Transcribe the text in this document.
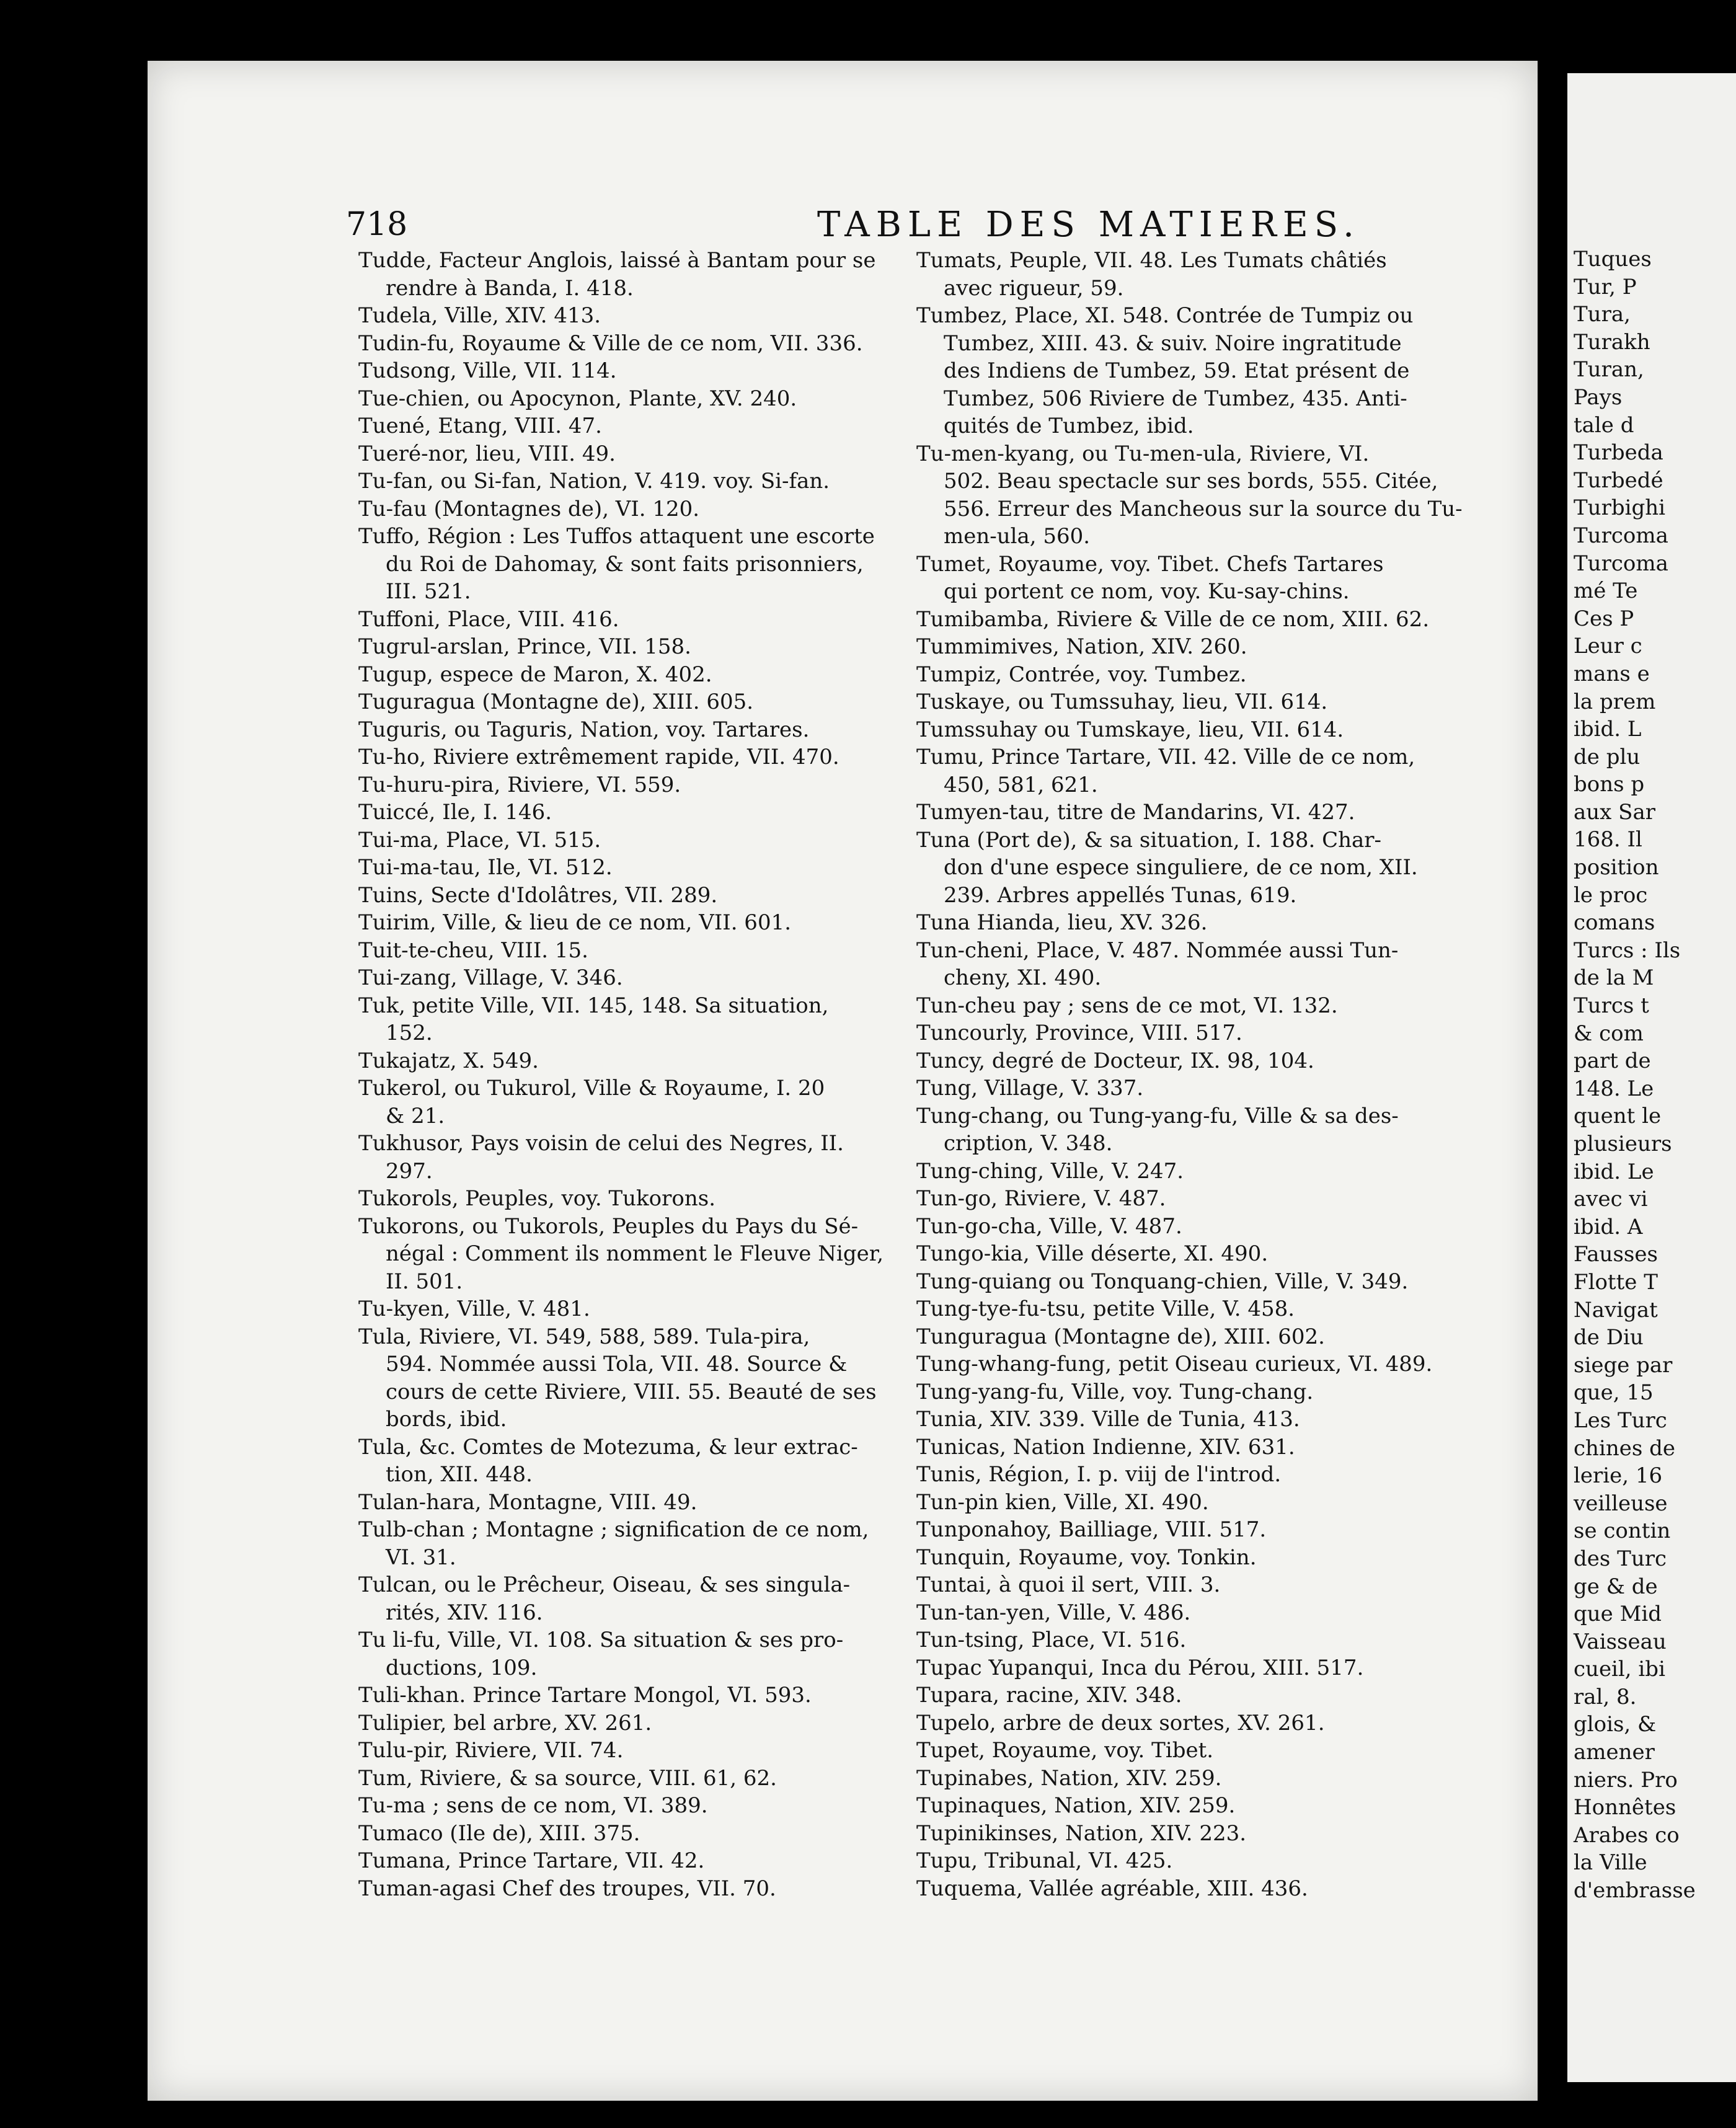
718	TABLE DES MATIERES.
Tudde, Facteur Anglois, laissé à Bantam pour se
rendre à Banda, I. 418.
Tudela, Ville, XIV. 413.
Tudin-fu, Royaume & Ville de ce nom, VII. 336.
Tudsong, Ville, VII. 114.
Tue-chien, ou Apocynon, Plante, XV. 240.
Tuené, Etang, VIII. 47.
Tueré-nor, lieu, VIII. 49.
Tu-fan, ou Si-fan, Nation, V. 419. voy. Si-fan.
Tu-fau (Montagnes de), VI. 120.
Tuffo, Région : Les Tuffos attaquent une escorte
du Roi de Dahomay, & sont faits prisonniers,
III. 521.
Tuffoni, Place, VIII. 416.
Tugrul-arslan, Prince, VII. 158.
Tugup, espece de Maron, X. 402.
Tuguragua (Montagne de), XIII. 605.
Tuguris, ou Taguris, Nation, voy. Tartares.
Tu-ho, Riviere extrêmement rapide, VII. 470.
Tu-huru-pira, Riviere, VI. 559.
Tuiccé, Ile, I. 146.
Tui-ma, Place, VI. 515.
Tui-ma-tau, Ile, VI. 512.
Tuins, Secte d'Idolâtres, VII. 289.
Tuirim, Ville, & lieu de ce nom, VII. 601.
Tuit-te-cheu, VIII. 15.
Tui-zang, Village, V. 346.
Tuk, petite Ville, VII. 145, 148. Sa situation,
152.
Tukajatz, X. 549.
Tukerol, ou Tukurol, Ville & Royaume, I. 20
& 21.
Tukhusor, Pays voisin de celui des Negres, II.
297.
Tukorols, Peuples, voy. Tukorons.
Tukorons, ou Tukorols, Peuples du Pays du Sé-
négal : Comment ils nomment le Fleuve Niger,
II. 501.
Tu-kyen, Ville, V. 481.
Tula, Riviere, VI. 549, 588, 589. Tula-pira,
594. Nommée aussi Tola, VII. 48. Source &
cours de cette Riviere, VIII. 55. Beauté de ses
bords, ibid.
Tula, &c. Comtes de Motezuma, & leur extrac-
tion, XII. 448.
Tulan-hara, Montagne, VIII. 49.
Tulb-chan ; Montagne ; signification de ce nom,
VI. 31.
Tulcan, ou le Prêcheur, Oiseau, & ses singula-
rités, XIV. 116.
Tu li-fu, Ville, VI. 108. Sa situation & ses pro-
ductions, 109.
Tuli-khan. Prince Tartare Mongol, VI. 593.
Tulipier, bel arbre, XV. 261.
Tulu-pir, Riviere, VII. 74.
Tum, Riviere, & sa source, VIII. 61, 62.
Tu-ma ; sens de ce nom, VI. 389.
Tumaco (Ile de), XIII. 375.
Tumana, Prince Tartare, VII. 42.
Tuman-agasi Chef des troupes, VII. 70.
Tumats, Peuple, VII. 48. Les Tumats châtiés
avec rigueur, 59.
Tumbez, Place, XI. 548. Contrée de Tumpiz ou
Tumbez, XIII. 43. & suiv. Noire ingratitude
des Indiens de Tumbez, 59. Etat présent de
Tumbez, 506 Riviere de Tumbez, 435. Anti-
quités de Tumbez, ibid.
Tu-men-kyang, ou Tu-men-ula, Riviere, VI.
502. Beau spectacle sur ses bords, 555. Citée,
556. Erreur des Mancheous sur la source du Tu-
men-ula, 560.
Tumet, Royaume, voy. Tibet. Chefs Tartares
qui portent ce nom, voy. Ku-say-chins.
Tumibamba, Riviere & Ville de ce nom, XIII. 62.
Tummimives, Nation, XIV. 260.
Tumpiz, Contrée, voy. Tumbez.
Tuskaye, ou Tumssuhay, lieu, VII. 614.
Tumssuhay ou Tumskaye, lieu, VII. 614.
Tumu, Prince Tartare, VII. 42. Ville de ce nom,
450, 581, 621.
Tumyen-tau, titre de Mandarins, VI. 427.
Tuna (Port de), & sa situation, I. 188. Char-
don d'une espece singuliere, de ce nom, XII.
239. Arbres appellés Tunas, 619.
Tuna Hianda, lieu, XV. 326.
Tun-cheni, Place, V. 487. Nommée aussi Tun-
cheny, XI. 490.
Tun-cheu pay ; sens de ce mot, VI. 132.
Tuncourly, Province, VIII. 517.
Tuncy, degré de Docteur, IX. 98, 104.
Tung, Village, V. 337.
Tung-chang, ou Tung-yang-fu, Ville & sa des-
cription, V. 348.
Tung-ching, Ville, V. 247.
Tun-go, Riviere, V. 487.
Tun-go-cha, Ville, V. 487.
Tungo-kia, Ville déserte, XI. 490.
Tung-quiang ou Tonquang-chien, Ville, V. 349.
Tung-tye-fu-tsu, petite Ville, V. 458.
Tunguragua (Montagne de), XIII. 602.
Tung-whang-fung, petit Oiseau curieux, VI. 489.
Tung-yang-fu, Ville, voy. Tung-chang.
Tunia, XIV. 339. Ville de Tunia, 413.
Tunicas, Nation Indienne, XIV. 631.
Tunis, Région, I. p. viij de l'introd.
Tun-pin kien, Ville, XI. 490.
Tunponahoy, Bailliage, VIII. 517.
Tunquin, Royaume, voy. Tonkin.
Tuntai, à quoi il sert, VIII. 3.
Tun-tan-yen, Ville, V. 486.
Tun-tsing, Place, VI. 516.
Tupac Yupanqui, Inca du Pérou, XIII. 517.
Tupara, racine, XIV. 348.
Tupelo, arbre de deux sortes, XV. 261.
Tupet, Royaume, voy. Tibet.
Tupinabes, Nation, XIV. 259.
Tupinaques, Nation, XIV. 259.
Tupinikinses, Nation, XIV. 223.
Tupu, Tribunal, VI. 425.
Tuquema, Vallée agréable, XIII. 436.
Tuques
Tur, P
Tura,
Turakh
Turan,
Pays
tale d
Turbeda
Turbedé
Turbighi
Turcoma
Turcoma
mé Te
Ces P
Leur c
mans e
la prem
ibid. L
de plu
bons p
aux Sar
168. Il
position
le proc
comans
Turcs : Ils
de la M
Turcs t
& com
part de
148. Le
quent le
plusieurs
ibid. Le
avec vi
ibid. A
Fausses
Flotte T
Navigat
de Diu
siege par
que, 15
Les Turc
chines de
lerie, 16
veilleuse
se contin
des Turc
ge & de
que Mid
Vaisseau
cueil, ibi
ral, 8.
glois, &
amener
niers. Pro
Honnêtes
Arabes co
la Ville
d'embrasse
